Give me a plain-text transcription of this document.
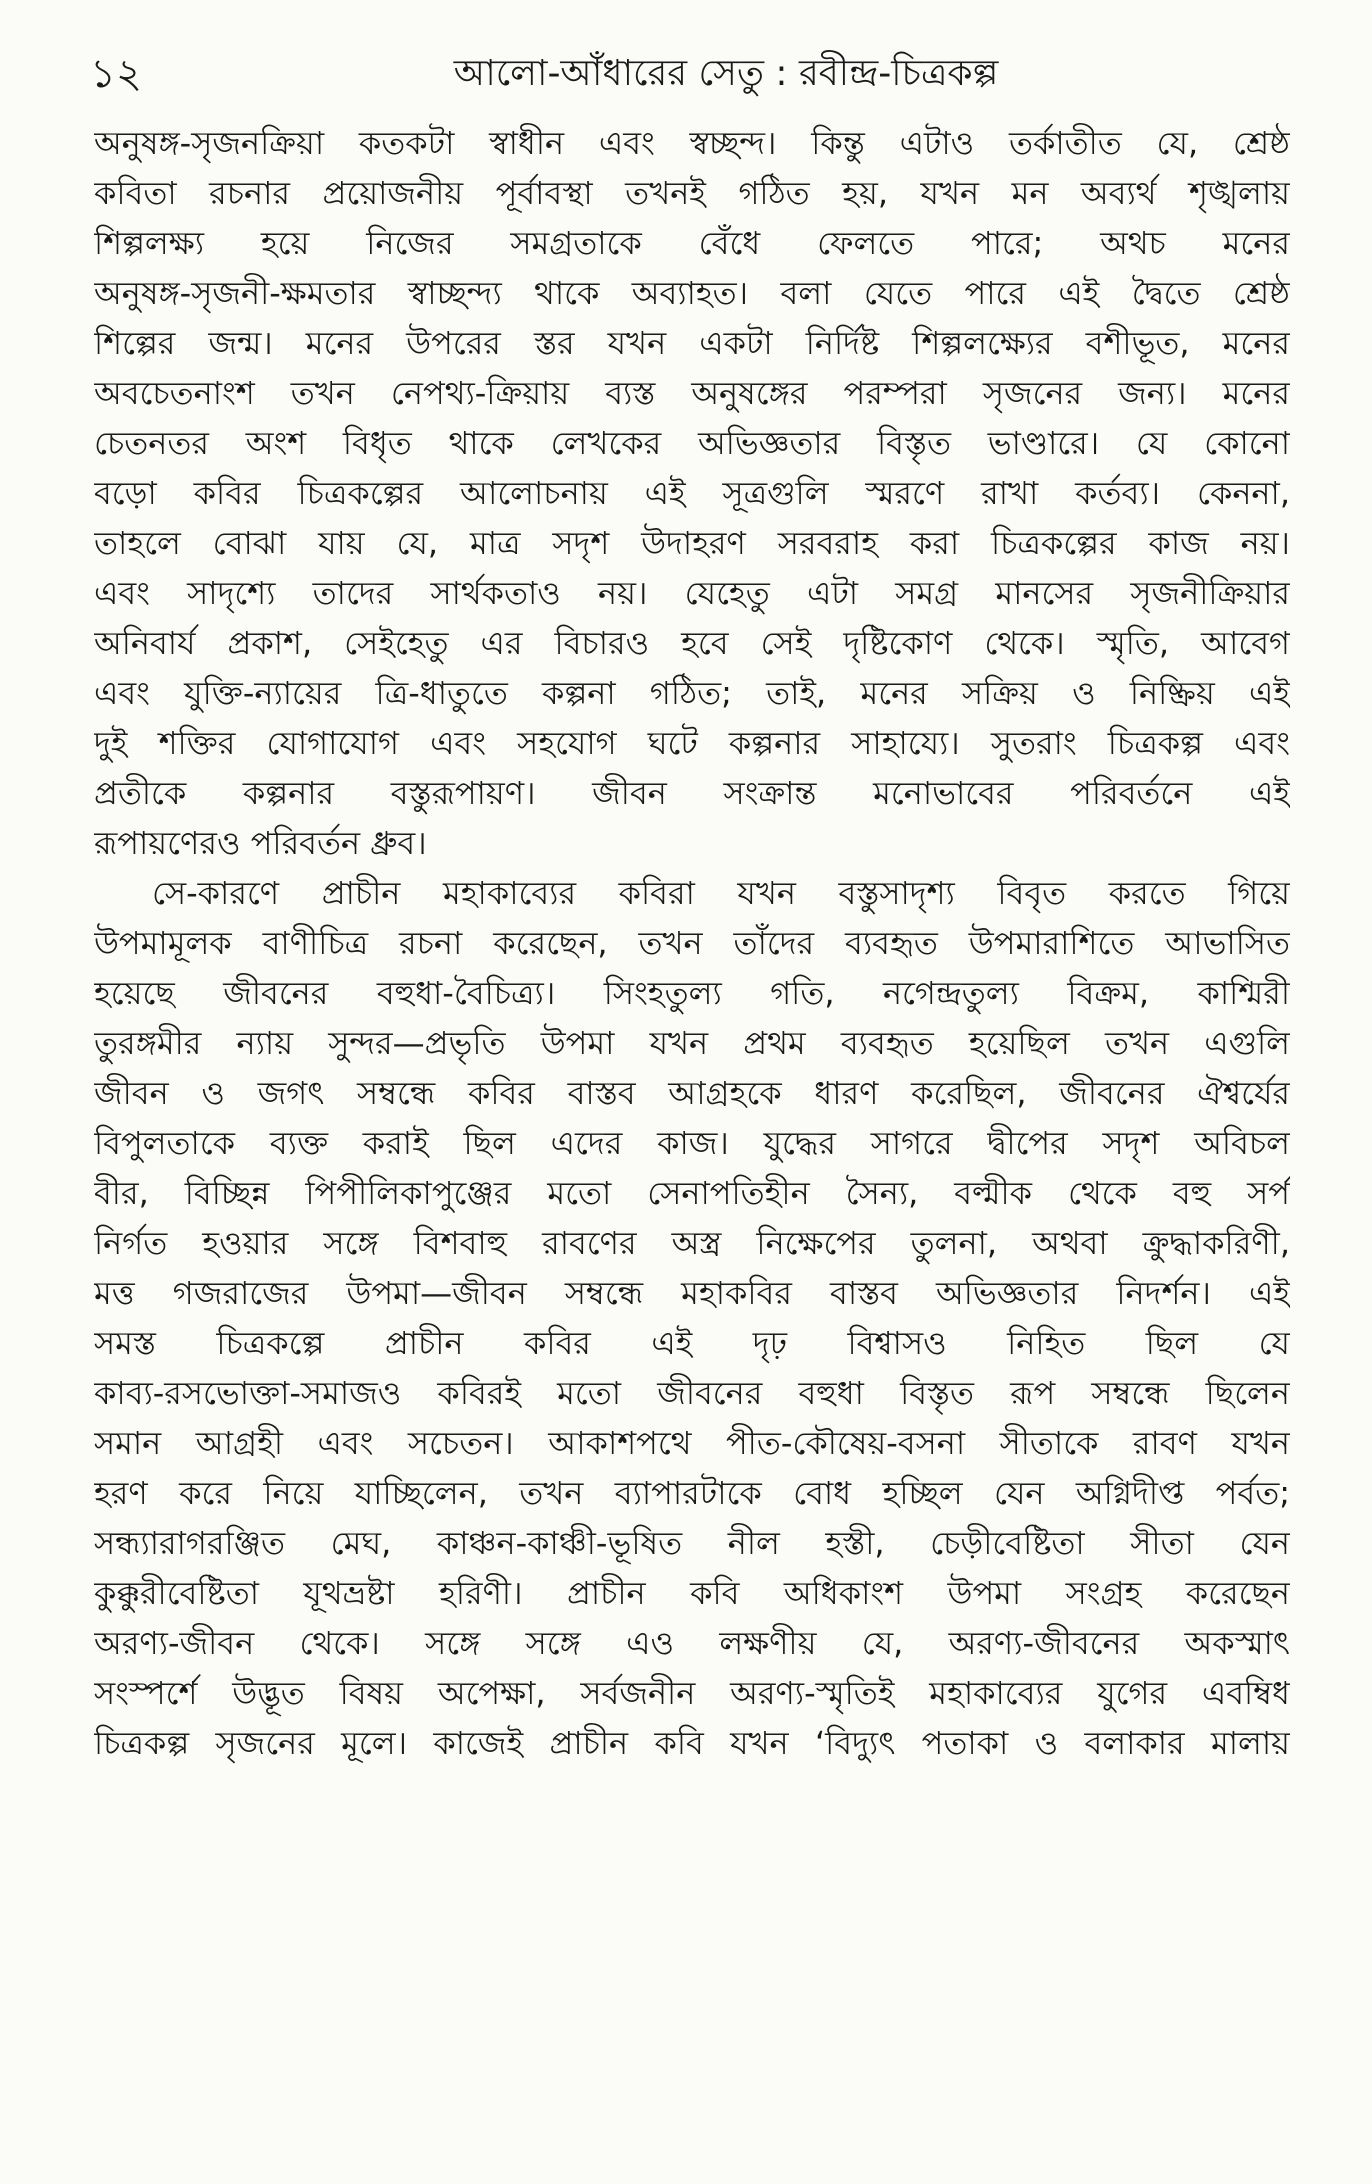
১২	আলো-আঁধারের সেতু : রবীন্দ্র-চিত্রকল্প
অনুষঙ্গ-সৃজনক্রিয়া কতকটা স্বাধীন এবং স্বচ্ছন্দ। কিন্তু এটাও তর্কাতীত যে, শ্রেষ্ঠ
কবিতা রচনার প্রয়োজনীয় পূর্বাবস্থা তখনই গঠিত হয়, যখন মন অব্যর্থ শৃঙ্খলায়
শিল্পলক্ষ্য হয়ে নিজের সমগ্রতাকে বেঁধে ফেলতে পারে; অথচ মনের
অনুষঙ্গ-সৃজনী-ক্ষমতার স্বাচ্ছন্দ্য থাকে অব্যাহত। বলা যেতে পারে এই দ্বৈতে শ্রেষ্ঠ
শিল্পের জন্ম। মনের উপরের স্তর যখন একটা নির্দিষ্ট শিল্পলক্ষ্যের বশীভূত, মনের
অবচেতনাংশ তখন নেপথ্য-ক্রিয়ায় ব্যস্ত অনুষঙ্গের পরম্পরা সৃজনের জন্য। মনের
চেতনতর অংশ বিধৃত থাকে লেখকের অভিজ্ঞতার বিস্তৃত ভাণ্ডারে। যে কোনো
বড়ো কবির চিত্রকল্পের আলোচনায় এই সূত্রগুলি স্মরণে রাখা কর্তব্য। কেননা,
তাহলে বোঝা যায় যে, মাত্র সদৃশ উদাহরণ সরবরাহ করা চিত্রকল্পের কাজ নয়।
এবং সাদৃশ্যে তাদের সার্থকতাও নয়। যেহেতু এটা সমগ্র মানসের সৃজনীক্রিয়ার
অনিবার্য প্রকাশ, সেইহেতু এর বিচারও হবে সেই দৃষ্টিকোণ থেকে। স্মৃতি, আবেগ
এবং যুক্তি-ন্যায়ের ত্রি-ধাতুতে কল্পনা গঠিত; তাই, মনের সক্রিয় ও নিষ্ক্রিয় এই
দুই শক্তির যোগাযোগ এবং সহযোগ ঘটে কল্পনার সাহায্যে। সুতরাং চিত্রকল্প এবং
প্রতীকে কল্পনার বস্তুরূপায়ণ। জীবন সংক্রান্ত মনোভাবের পরিবর্তনে এই
রূপায়ণেরও পরিবর্তন ধ্রুব।
সে-কারণে প্রাচীন মহাকাব্যের কবিরা যখন বস্তুসাদৃশ্য বিবৃত করতে গিয়ে
উপমামূলক বাণীচিত্র রচনা করেছেন, তখন তাঁদের ব্যবহৃত উপমারাশিতে আভাসিত
হয়েছে জীবনের বহুধা-বৈচিত্র্য। সিংহতুল্য গতি, নগেন্দ্রতুল্য বিক্রম, কাশ্মিরী
তুরঙ্গমীর ন্যায় সুন্দর—প্রভৃতি উপমা যখন প্রথম ব্যবহৃত হয়েছিল তখন এগুলি
জীবন ও জগৎ সম্বন্ধে কবির বাস্তব আগ্রহকে ধারণ করেছিল, জীবনের ঐশ্বর্যের
বিপুলতাকে ব্যক্ত করাই ছিল এদের কাজ। যুদ্ধের সাগরে দ্বীপের সদৃশ অবিচল
বীর, বিচ্ছিন্ন পিপীলিকাপুঞ্জের মতো সেনাপতিহীন সৈন্য, বল্মীক থেকে বহু সর্প
নির্গত হওয়ার সঙ্গে বিশবাহু রাবণের অস্ত্র নিক্ষেপের তুলনা, অথবা ক্রুদ্ধাকরিণী,
মত্ত গজরাজের উপমা—জীবন সম্বন্ধে মহাকবির বাস্তব অভিজ্ঞতার নিদর্শন। এই
সমস্ত চিত্রকল্পে প্রাচীন কবির এই দৃঢ় বিশ্বাসও নিহিত ছিল যে
কাব্য-রসভোক্তা-সমাজও কবিরই মতো জীবনের বহুধা বিস্তৃত রূপ সম্বন্ধে ছিলেন
সমান আগ্রহী এবং সচেতন। আকাশপথে পীত-কৌষেয়-বসনা সীতাকে রাবণ যখন
হরণ করে নিয়ে যাচ্ছিলেন, তখন ব্যাপারটাকে বোধ হচ্ছিল যেন অগ্নিদীপ্ত পর্বত;
সন্ধ্যারাগরঞ্জিত মেঘ, কাঞ্চন-কাঞ্চী-ভূষিত নীল হস্তী, চেড়ীবেষ্টিতা সীতা যেন
কুক্কুরীবেষ্টিতা যূথভ্রষ্টা হরিণী। প্রাচীন কবি অধিকাংশ উপমা সংগ্রহ করেছেন
অরণ্য-জীবন থেকে। সঙ্গে সঙ্গে এও লক্ষণীয় যে, অরণ্য-জীবনের অকস্মাৎ
সংস্পর্শে উদ্ভূত বিষয় অপেক্ষা, সর্বজনীন অরণ্য-স্মৃতিই মহাকাব্যের যুগের এবম্বিধ
চিত্রকল্প সৃজনের মূলে। কাজেই প্রাচীন কবি যখন ‘বিদ্যুৎ পতাকা ও বলাকার মালায়
